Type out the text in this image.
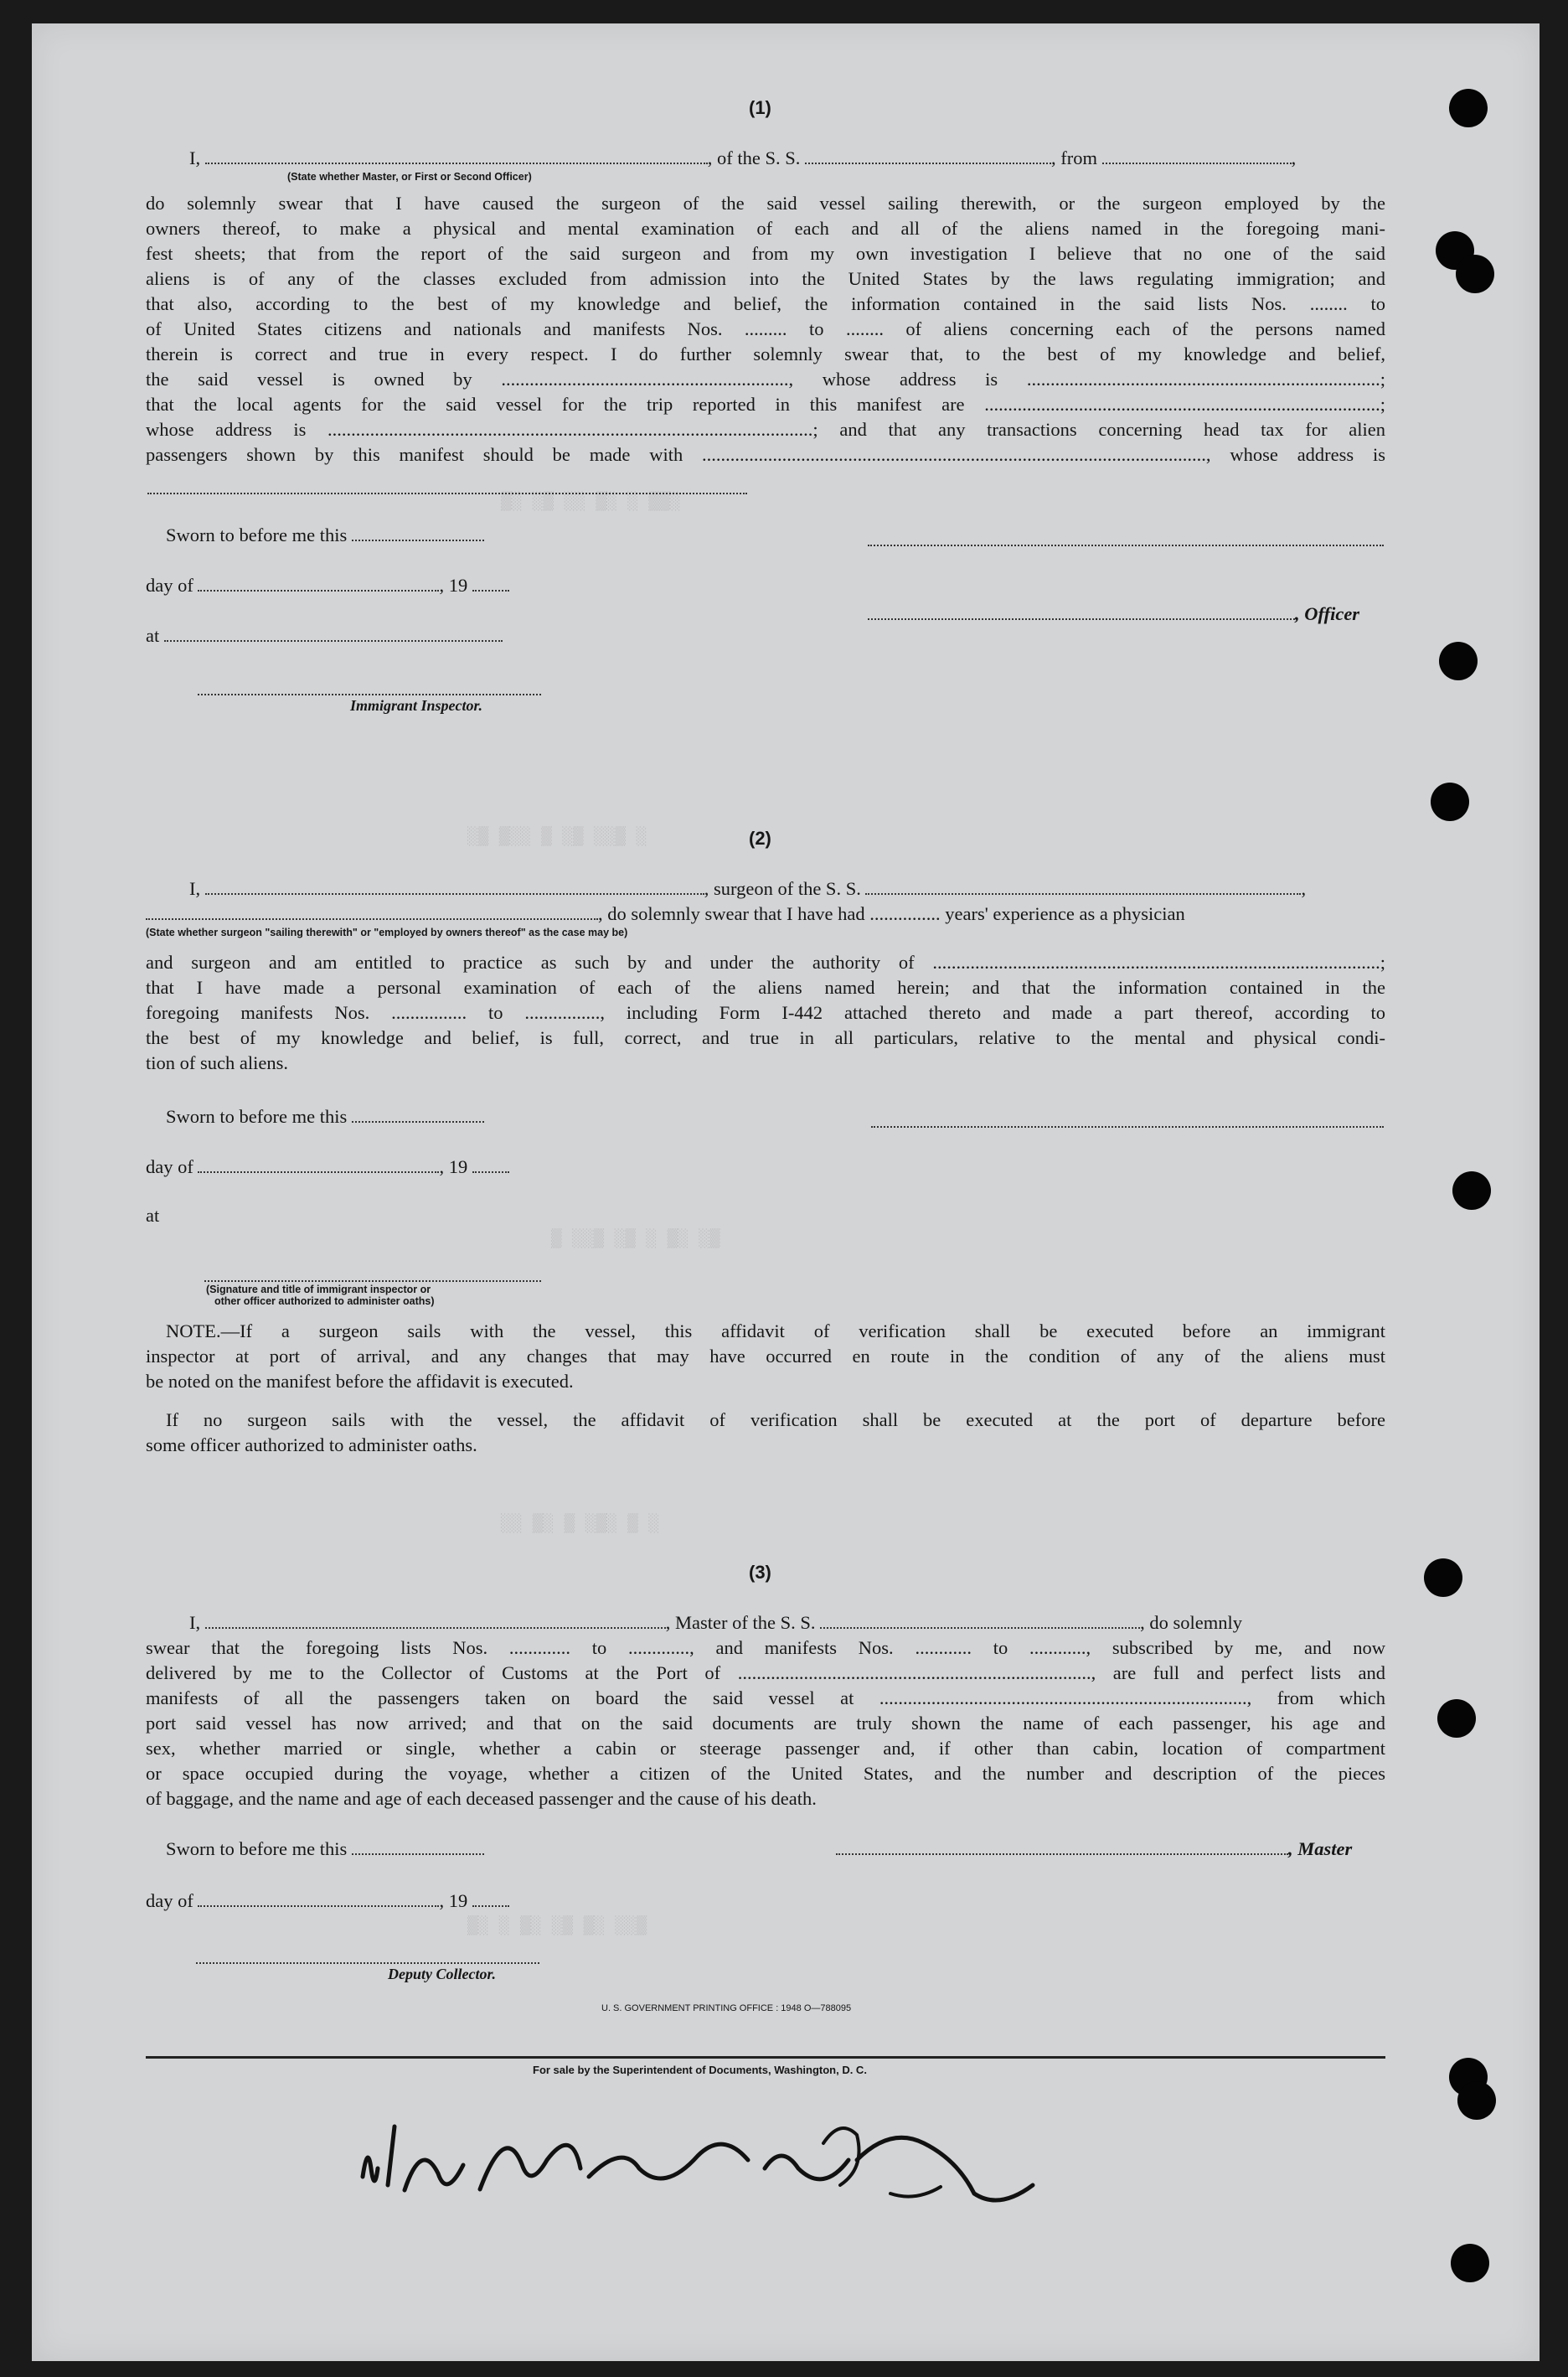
▒░ ░▒ ░░ ▒░ ░ ▒▒░
░▒ ▒░░ ▒ ░▒ ░░▒ ░
▒ ░░▒ ░▒ ░ ▒░ ░▒
░░ ▒░ ▒ ░▒░ ▒ ░
▒░ ░ ▒░ ░▒ ▒░ ░░▒
(1)
I,	, of the S. S.	, from	,
(State whether Master, or First or Second Officer)
do solemnly swear that I have caused the surgeon of the said vessel sailing therewith, or the surgeon employed by the
owners thereof, to make a physical and mental examination of each and all of the aliens named in the foregoing mani-
fest sheets; that from the report of the said surgeon and from my own investigation I believe that no one of the said
aliens is of any of the classes excluded from admission into the United States by the laws regulating immigration; and
that also, according to the best of my knowledge and belief, the information contained in the said lists Nos. ........ to
of United States citizens and nationals and manifests Nos. ......... to ........ of aliens concerning each of the persons named
therein is correct and true in every respect. I do further solemnly swear that, to the best of my knowledge and belief,
the said vessel is owned by ............................................................., whose address is ...........................................................................;
that the local agents for the said vessel for the trip reported in this manifest are ....................................................................................;
whose address is .......................................................................................................; and that any transactions concerning head tax for alien
passengers shown by this manifest should be made with ..........................................................................................................., whose address is
Sworn to before me this
day of	, 19
, Officer
at
Immigrant Inspector.
(2)
I,	, surgeon of the S. S.	,
, do solemnly swear that I have had ............... years' experience as a physician
(State whether surgeon "sailing therewith" or "employed by owners thereof" as the case may be)
and surgeon and am entitled to practice as such by and under the authority of ...............................................................................................;
that I have made a personal examination of each of the aliens named herein; and that the information contained in the
foregoing manifests Nos. ................ to ................, including Form I-442 attached thereto and made a part thereof, according to
the best of my knowledge and belief, is full, correct, and true in all particulars, relative to the mental and physical condi-
tion of such aliens.
Sworn to before me this
day of	, 19
at
(Signature and title of immigrant inspector or
other officer authorized to administer oaths)
NOTE.—If a surgeon sails with the vessel, this affidavit of verification shall be executed before an immigrant
inspector at port of arrival, and any changes that may have occurred en route in the condition of any of the aliens must
be noted on the manifest before the affidavit is executed.
If no surgeon sails with the vessel, the affidavit of verification shall be executed at the port of departure before
some officer authorized to administer oaths.
(3)
I,	, Master of the S. S.	, do solemnly
swear that the foregoing lists Nos. ............. to ............., and manifests Nos. ............ to ............, subscribed by me, and now
delivered by me to the Collector of Customs at the Port of ..........................................................................., are full and perfect lists and
manifests of all the passengers taken on board the said vessel at .............................................................................., from which
port said vessel has now arrived; and that on the said documents are truly shown the name of each passenger, his age and
sex, whether married or single, whether a cabin or steerage passenger and, if other than cabin, location of compartment
or space occupied during the voyage, whether a citizen of the United States, and the number and description of the pieces
of baggage, and the name and age of each deceased passenger and the cause of his death.
Sworn to before me this	, Master
day of	, 19
Deputy Collector.
U. S. GOVERNMENT PRINTING OFFICE : 1948 O—788095
For sale by the Superintendent of Documents, Washington, D. C.
